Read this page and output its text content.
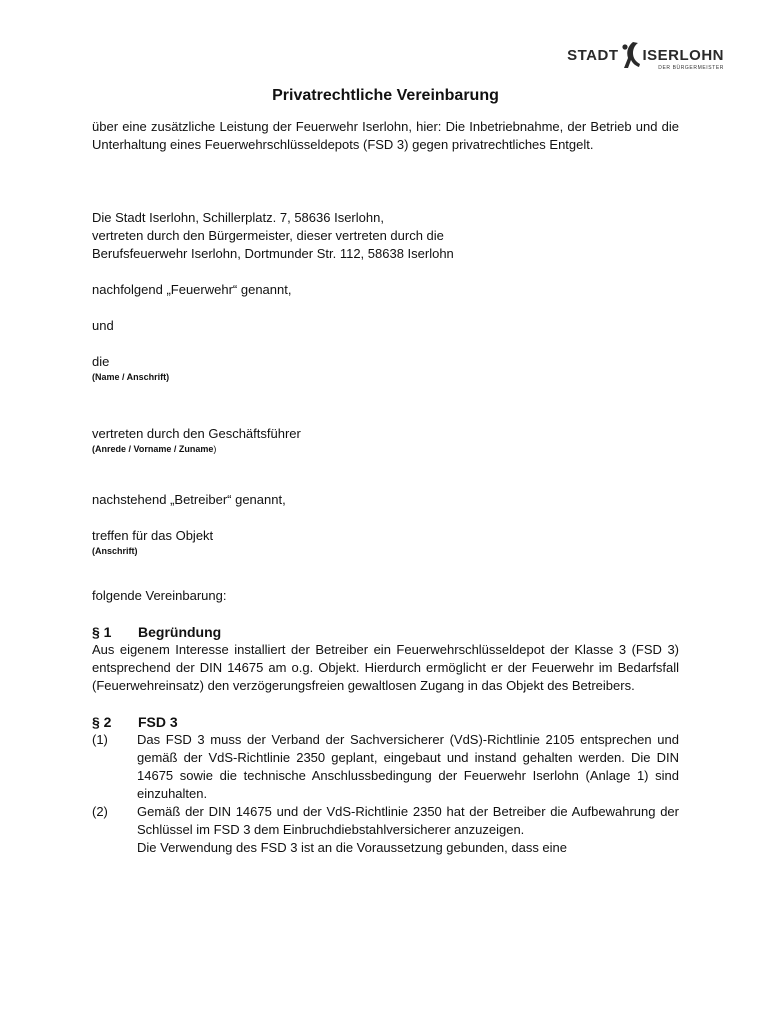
STADT ISERLOHN
DER BÜRGERMEISTER

Privatrechtliche Vereinbarung

über eine zusätzliche Leistung der Feuerwehr Iserlohn, hier: Die Inbetriebnahme, der Betrieb und die Unterhaltung eines Feuerwehrschlüsseldepots (FSD 3) gegen privatrechtliches Entgelt.

Die Stadt Iserlohn, Schillerplatz. 7, 58636 Iserlohn,

vertreten durch den Bürgermeister, dieser vertreten durch die

Berufsfeuerwehr Iserlohn, Dortmunder Str. 112, 58638 Iserlohn

nachfolgend „Feuerwehr“ genannt,

und

die

(Name / Anschrift)

vertreten durch den Geschäftsführer

(Anrede / Vorname / Zuname)

nachstehend „Betreiber“ genannt,

treffen für das Objekt

(Anschrift)

folgende Vereinbarung:

§ 1	Begründung

Aus eigenem Interesse installiert der Betreiber ein Feuerwehrschlüsseldepot der Klasse 3 (FSD 3) entsprechend der DIN 14675 am o.g. Objekt. Hierdurch ermöglicht er der Feuerwehr im Bedarfsfall (Feuerwehreinsatz) den verzögerungsfreien gewaltlosen Zugang in das Objekt des Betreibers.

§ 2	FSD 3
(1)	Das FSD 3 muss der Verband der Sachversicherer (VdS)-Richtlinie 2105 entsprechen und gemäß der VdS-Richtlinie 2350 geplant, eingebaut und instand gehalten werden. Die DIN 14675 sowie die technische Anschlussbedingung der Feuerwehr Iserlohn (Anlage 1) sind einzuhalten.
(2)	Gemäß der DIN 14675 und der VdS-Richtlinie 2350 hat der Betreiber die Aufbewahrung der Schlüssel im FSD 3 dem Einbruchdiebstahlversicherer anzuzeigen.

Die Verwendung des FSD 3 ist an die Voraussetzung gebunden, dass eine
